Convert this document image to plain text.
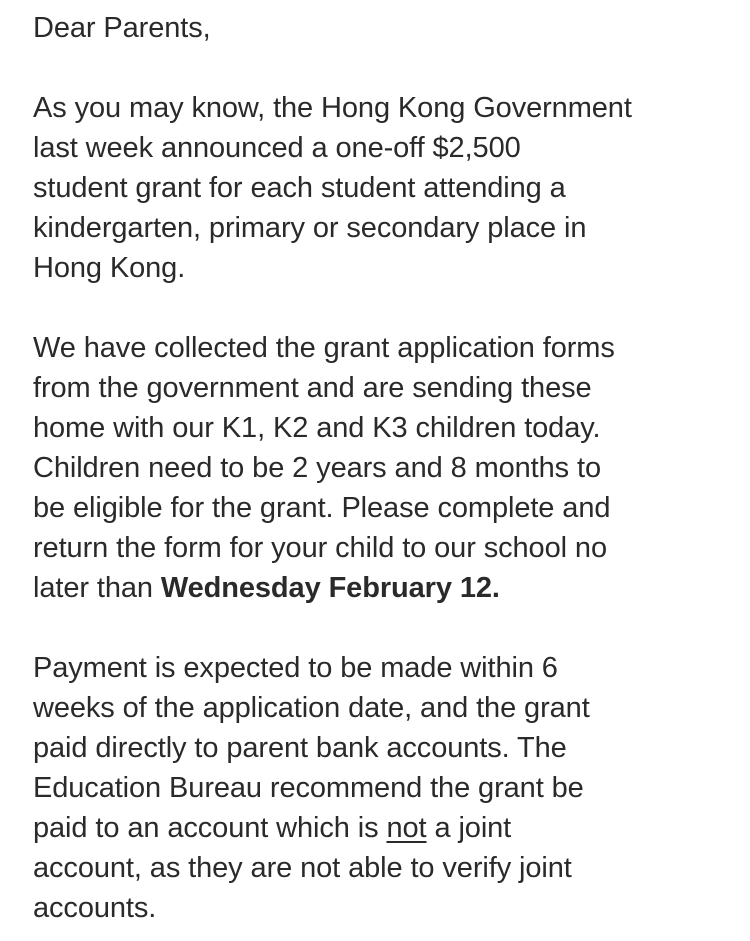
Dear Parents,
As you may know, the Hong Kong Government
last week announced a one-off $2,500
student grant for each student attending a
kindergarten, primary or secondary place in
Hong Kong.
We have collected the grant application forms
from the government and are sending these
home with our K1, K2 and K3 children today.
Children need to be 2 years and 8 months to
be eligible for the grant. Please complete and
return the form for your child to our school no
later than Wednesday February 12.
Payment is expected to be made within 6
weeks of the application date, and the grant
paid directly to parent bank accounts. The
Education Bureau recommend the grant be
paid to an account which is not a joint
account, as they are not able to verify joint
accounts.
